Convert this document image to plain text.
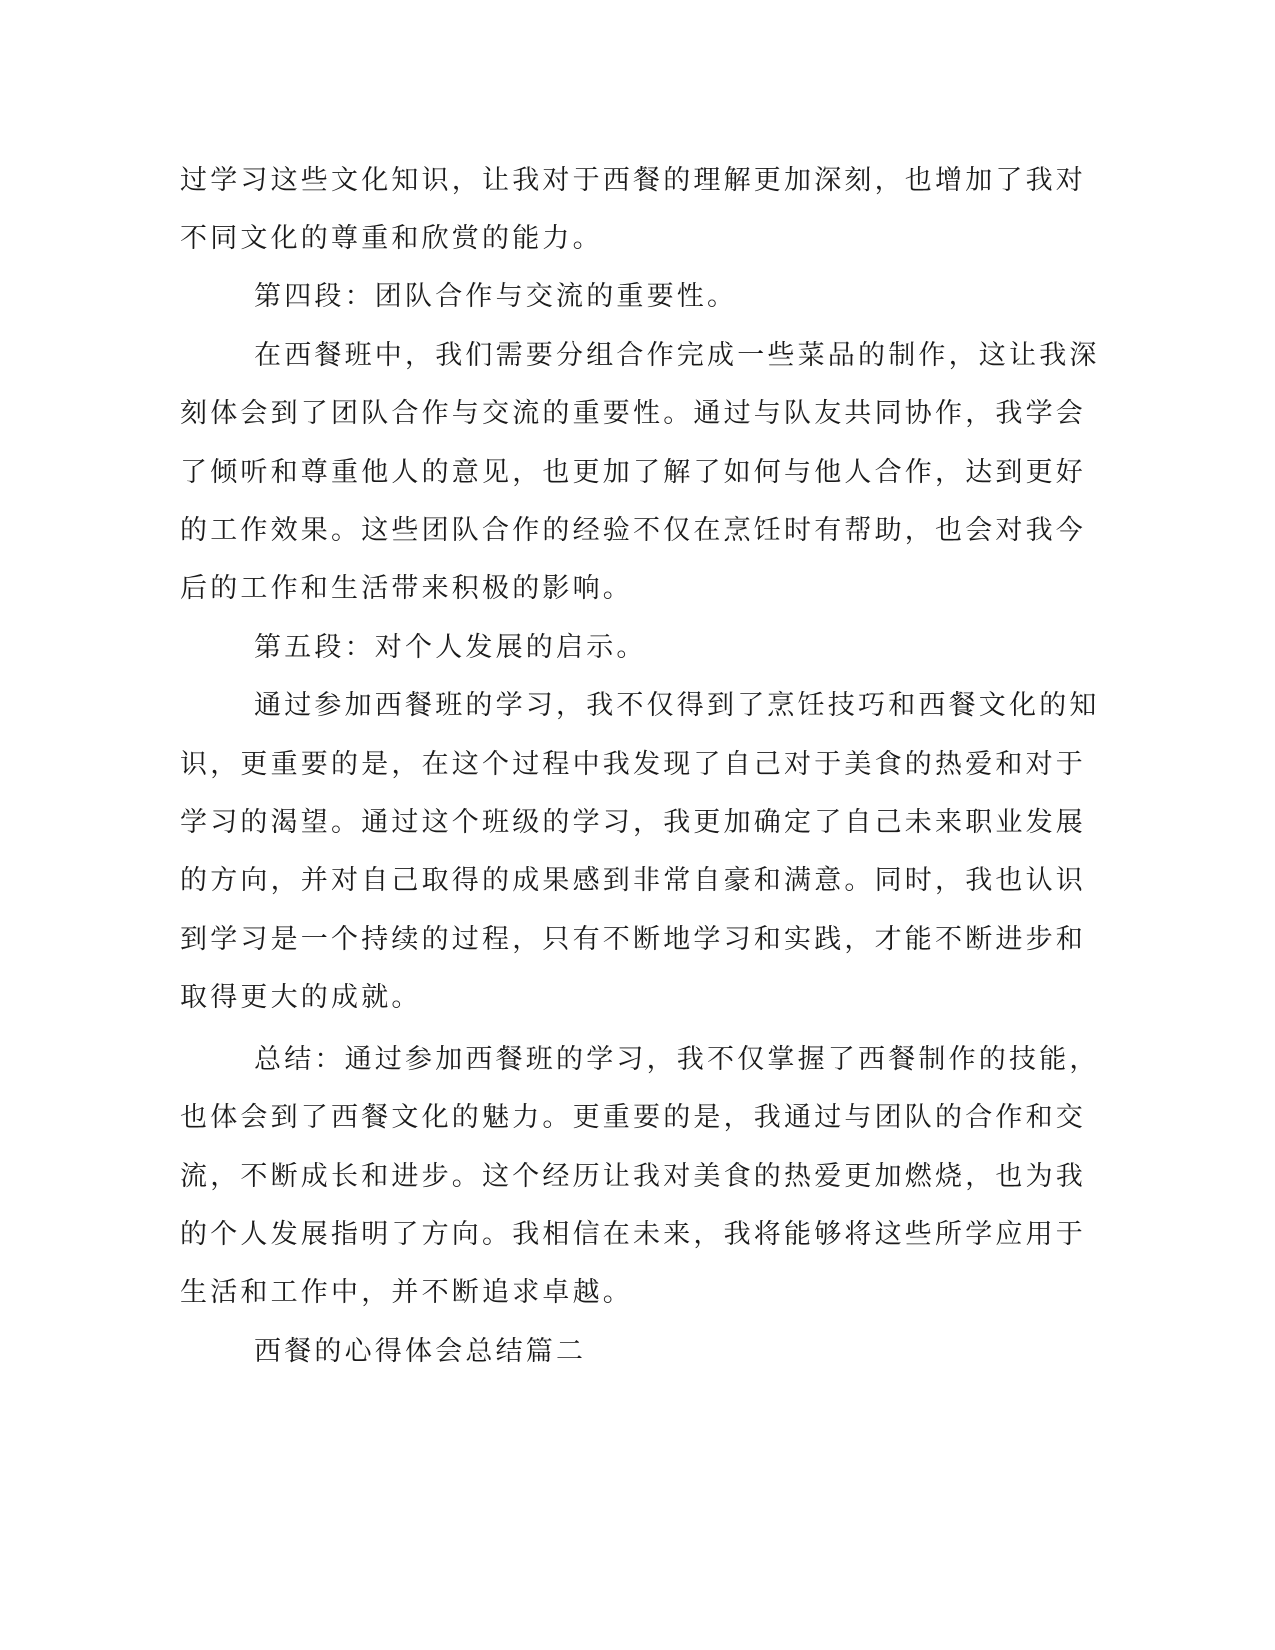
过学习这些文化知识，让我对于西餐的理解更加深刻，也增加了我对
不同文化的尊重和欣赏的能力。
第四段：团队合作与交流的重要性。
在西餐班中，我们需要分组合作完成一些菜品的制作，这让我深
刻体会到了团队合作与交流的重要性。通过与队友共同协作，我学会
了倾听和尊重他人的意见，也更加了解了如何与他人合作，达到更好
的工作效果。这些团队合作的经验不仅在烹饪时有帮助，也会对我今
后的工作和生活带来积极的影响。
第五段：对个人发展的启示。
通过参加西餐班的学习，我不仅得到了烹饪技巧和西餐文化的知
识，更重要的是，在这个过程中我发现了自己对于美食的热爱和对于
学习的渴望。通过这个班级的学习，我更加确定了自己未来职业发展
的方向，并对自己取得的成果感到非常自豪和满意。同时，我也认识
到学习是一个持续的过程，只有不断地学习和实践，才能不断进步和
取得更大的成就。
总结：通过参加西餐班的学习，我不仅掌握了西餐制作的技能，
也体会到了西餐文化的魅力。更重要的是，我通过与团队的合作和交
流，不断成长和进步。这个经历让我对美食的热爱更加燃烧，也为我
的个人发展指明了方向。我相信在未来，我将能够将这些所学应用于
生活和工作中，并不断追求卓越。
西餐的心得体会总结篇二
